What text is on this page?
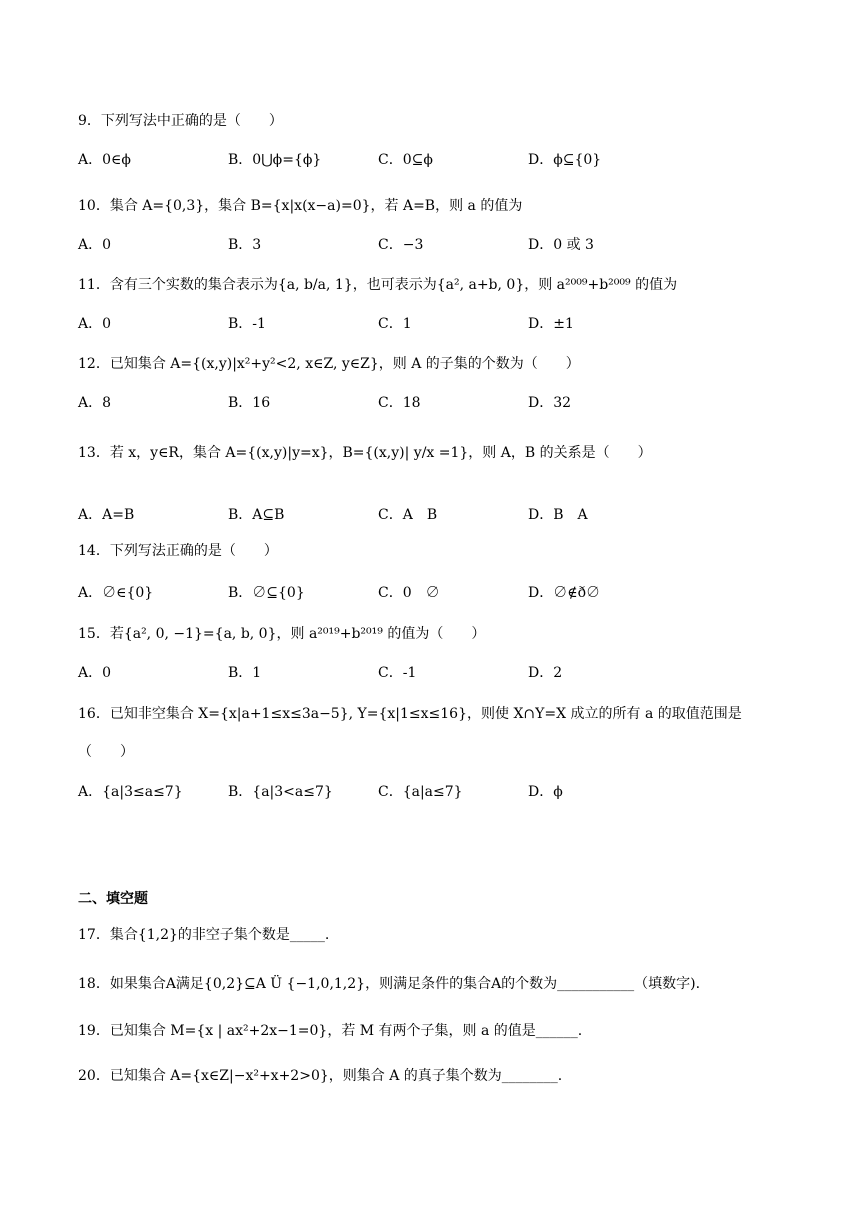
9．下列写法中正确的是（　　）
A．0∈ϕ	B．0⋃ϕ={ϕ}	C．0⊆ϕ	D．ϕ⊆{0}
10．集合 A={0,3}，集合 B={x|x(x−a)=0}，若 A=B，则 a 的值为
A．0	B．3	C．−3	D．0 或 3
11．含有三个实数的集合表示为{a, b/a, 1}，也可表示为{a², a+b, 0}，则 a²⁰⁰⁹+b²⁰⁰⁹ 的值为
A．0	B．-1	C．1	D．±1
12．已知集合 A={(x,y)|x²+y²<2, x∈Z, y∈Z}，则 A 的子集的个数为（　　）
A．8	B．16	C．18	D．32
13．若 x，y∈R，集合 A={(x,y)|y=x}，B={(x,y)| y/x =1}，则 A，B 的关系是（　　）
A．A=B	B．A⊆B	C．A　B	D．B　A
14．下列写法正确的是（　　）
A．∅∈{0}	B．∅⊆{0}	C．0　∅	D．∅∉ð∅
15．若{a², 0, −1}={a, b, 0}，则 a²⁰¹⁹+b²⁰¹⁹ 的值为（　　）
A．0	B．1	C．-1	D．2
16．已知非空集合 X={x|a+1≤x≤3a−5}, Y={x|1≤x≤16}，则使 X∩Y=X 成立的所有 a 的取值范围是
（　　）
A．{a|3≤a≤7}	B．{a|3<a≤7}	C．{a|a≤7}	D．ϕ
二、填空题
17．集合{1,2}的非空子集个数是_____.
18．如果集合A满足{0,2}⊆A Ü {−1,0,1,2}，则满足条件的集合A的个数为___________（填数字).
19．已知集合 M={x | ax²+2x−1=0}，若 M 有两个子集，则 a 的值是______.
20．已知集合 A={x∈Z|−x²+x+2>0}，则集合 A 的真子集个数为________.
